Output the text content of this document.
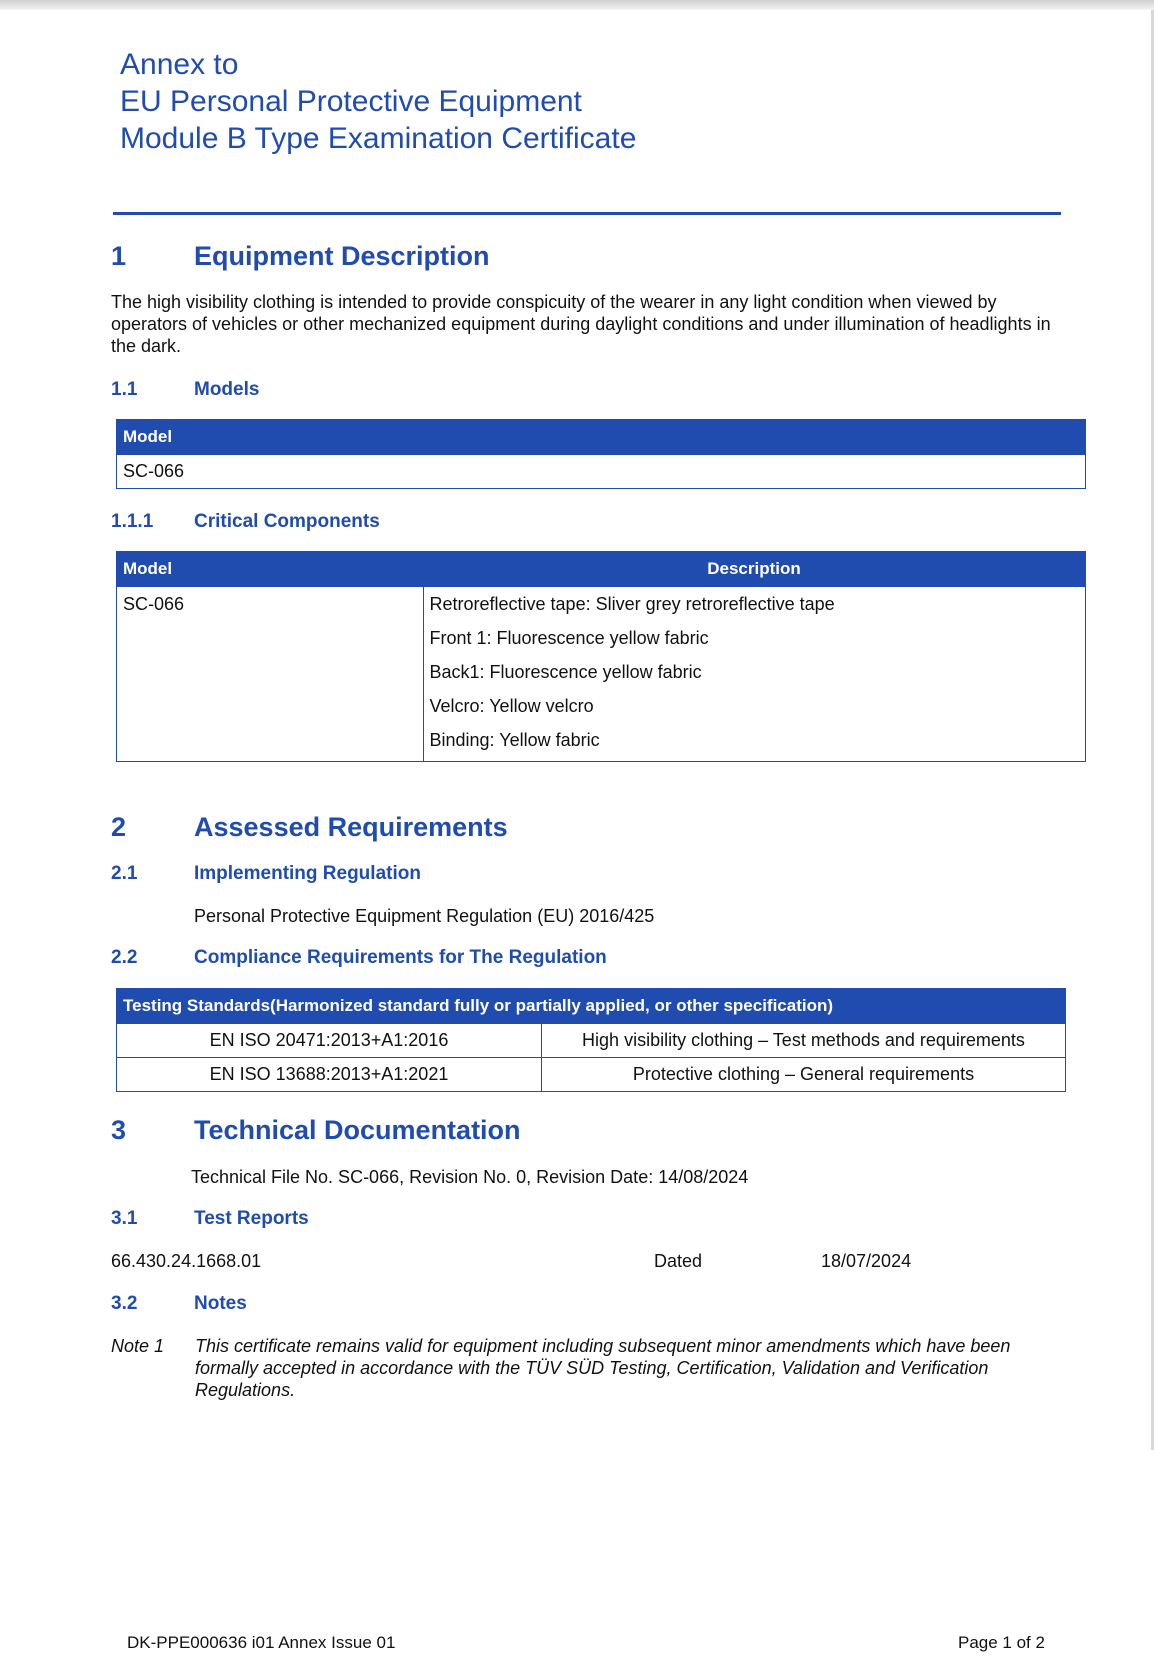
Annex to
EU Personal Protective Equipment
Module B Type Examination Certificate
1	Equipment Description
The high visibility clothing is intended to provide conspicuity of the wearer in any light condition when viewed by operators of vehicles or other mechanized equipment during daylight conditions and under illumination of headlights in the dark.
1.1	Models
Model
SC-066
1.1.1 Critical Components
Model	Description
SC-066	Retroreflective tape: Sliver grey retroreflective tape
Front 1: Fluorescence yellow fabric
Back1: Fluorescence yellow fabric
Velcro: Yellow velcro
Binding: Yellow fabric
2	Assessed Requirements
2.1	Implementing Regulation
Personal Protective Equipment Regulation (EU) 2016/425
2.2	Compliance Requirements for The Regulation
Testing Standards(Harmonized standard fully or partially applied, or other specification)	
EN ISO 20471:2013+A1:2016	High visibility clothing – Test methods and requirements
EN ISO 13688:2013+A1:2021	Protective clothing – General requirements
3	Technical Documentation
Technical File No. SC-066, Revision No. 0, Revision Date: 14/08/2024
3.1	Test Reports
66.430.24.1668.01	Dated	18/07/2024
3.2	Notes
Note 1 This certificate remains valid for equipment including subsequent minor amendments which have been formally accepted in accordance with the TÜV SÜD Testing, Certification, Validation and Verification Regulations.
DK-PPE000636 i01 Annex Issue 01	Page 1 of 2
